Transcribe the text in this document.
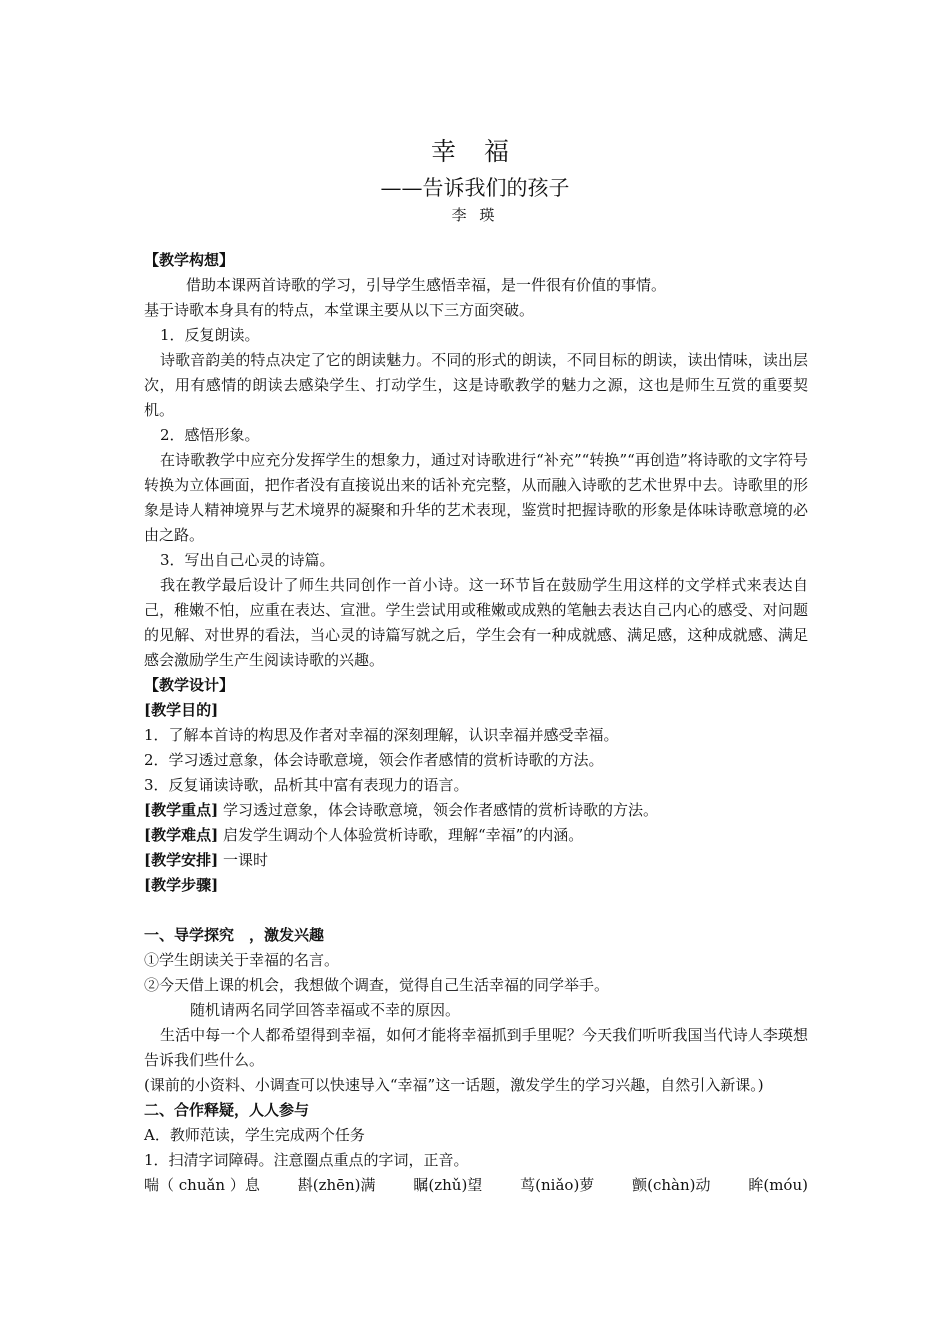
幸 福
——告诉我们的孩子
李 瑛

【教学构想】

借助本课两首诗歌的学习，引导学生感悟幸福，是一件很有价值的事情。

基于诗歌本身具有的特点，本堂课主要从以下三方面突破。

1．反复朗读。

诗歌音韵美的特点决定了它的朗读魅力。不同的形式的朗读，不同目标的朗读，读出情味，读出层次，用有感情的朗读去感染学生、打动学生，这是诗歌教学的魅力之源，这也是师生互赏的重要契机。

2．感悟形象。

在诗歌教学中应充分发挥学生的想象力，通过对诗歌进行“补充”“转换”“再创造”将诗歌的文字符号转换为立体画面，把作者没有直接说出来的话补充完整，从而融入诗歌的艺术世界中去。诗歌里的形象是诗人精神境界与艺术境界的凝聚和升华的艺术表现，鉴赏时把握诗歌的形象是体味诗歌意境的必由之路。

3．写出自己心灵的诗篇。

我在教学最后设计了师生共同创作一首小诗。这一环节旨在鼓励学生用这样的文学样式来表达自己，稚嫩不怕，应重在表达、宣泄。学生尝试用或稚嫩或成熟的笔触去表达自己内心的感受、对问题的见解、对世界的看法，当心灵的诗篇写就之后，学生会有一种成就感、满足感，这种成就感、满足感会激励学生产生阅读诗歌的兴趣。

【教学设计】

[教学目的]

1．了解本首诗的构思及作者对幸福的深刻理解，认识幸福并感受幸福。

2．学习透过意象，体会诗歌意境，领会作者感情的赏析诗歌的方法。

3．反复诵读诗歌，品析其中富有表现力的语言。

[教学重点] 学习透过意象，体会诗歌意境，领会作者感情的赏析诗歌的方法。

[教学难点] 启发学生调动个人体验赏析诗歌，理解“幸福”的内涵。

[教学安排] 一课时

[教学步骤]

一、导学探究　，激发兴趣

①学生朗读关于幸福的名言。

②今天借上课的机会，我想做个调查，觉得自己生活幸福的同学举手。

随机请两名同学回答幸福或不幸的原因。

生活中每一个人都希望得到幸福，如何才能将幸福抓到手里呢？今天我们听听我国当代诗人李瑛想告诉我们些什么。

(课前的小资料、小调查可以快速导入“幸福”这一话题，激发学生的学习兴趣，自然引入新课。)

二、合作释疑，人人参与

A．教师范读，学生完成两个任务

1．扫清字词障碍。注意圈点重点的字词，正音。

喘（ chuǎn ）息	斟(zhēn)满	瞩(zhǔ)望	茑(niǎo)萝	颤(chàn)动	眸(móu)
